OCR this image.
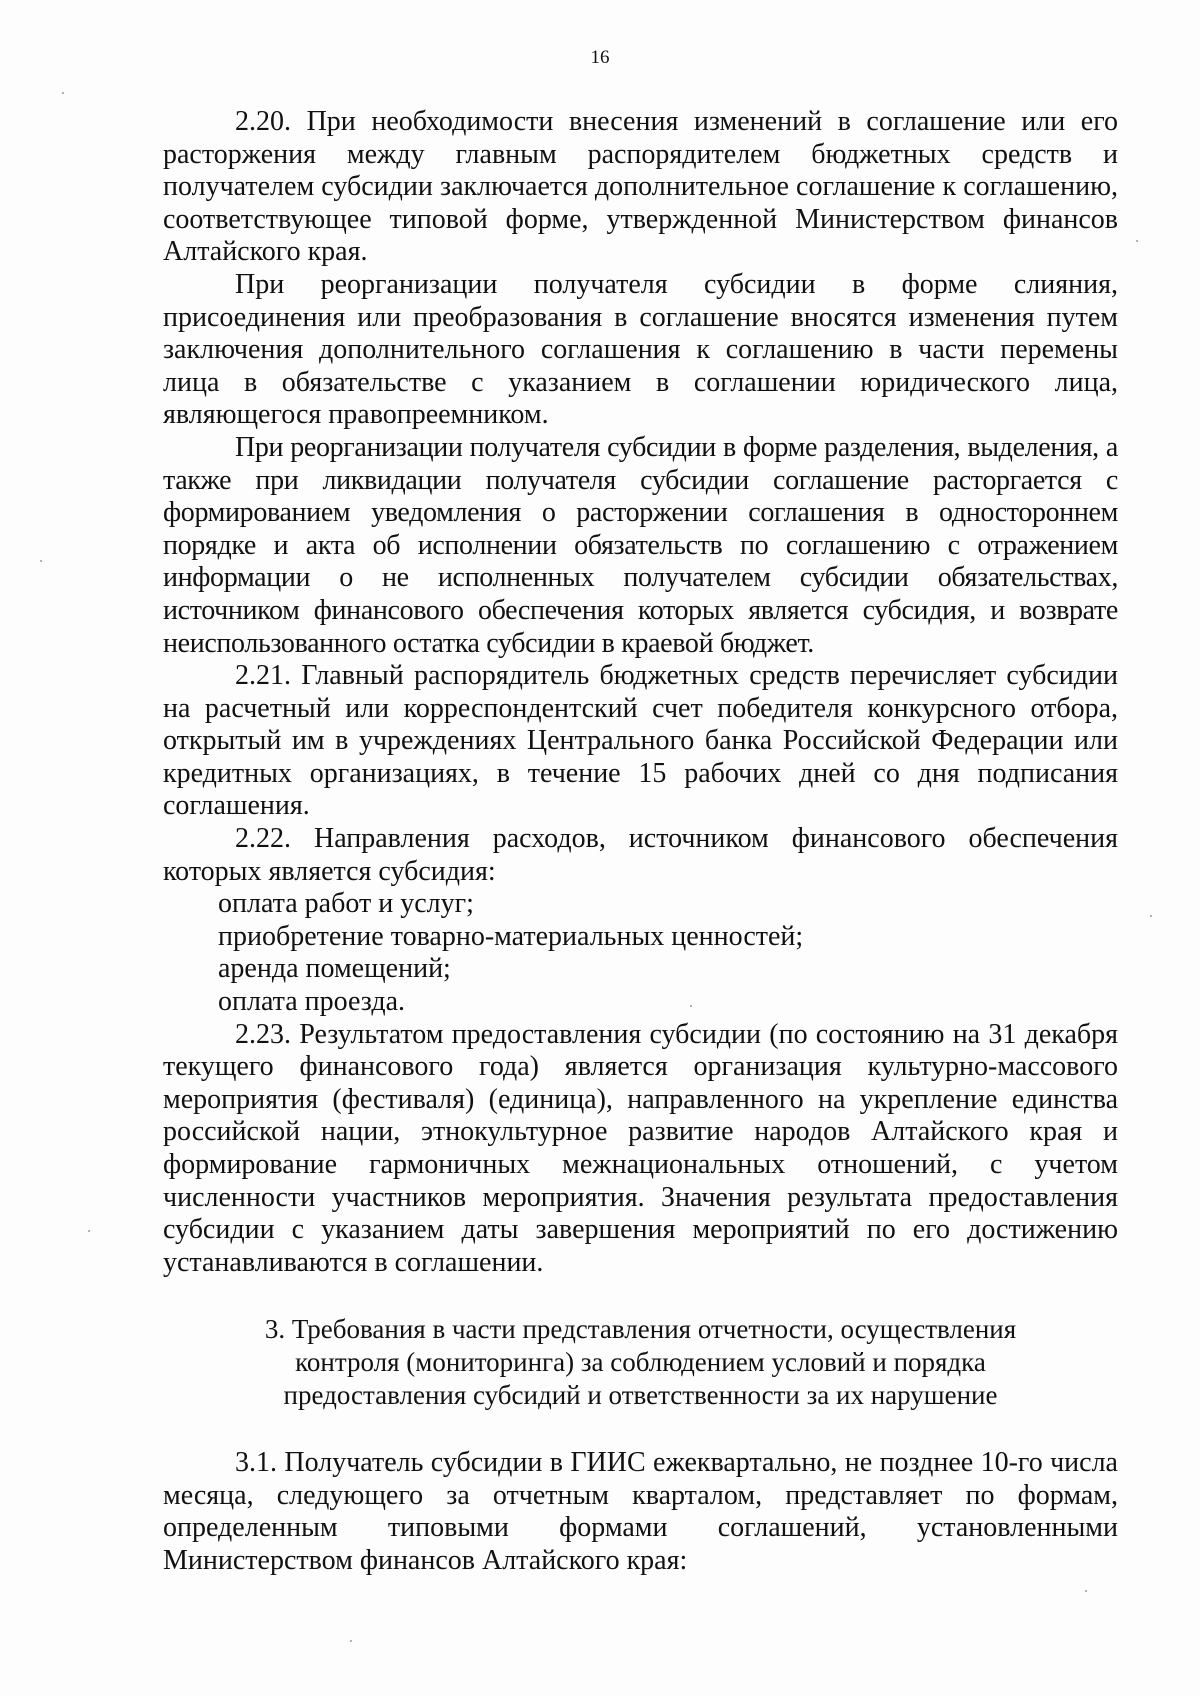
16

2.20. При необходимости внесения изменений в соглашение или его расторжения между главным распорядителем бюджетных средств и получателем субсидии заключается дополнительное соглашение к соглашению, соответствующее типовой форме, утвержденной Министерством финансов Алтайского края.

При реорганизации получателя субсидии в форме слияния, присоединения или преобразования в соглашение вносятся изменения путем заключения дополнительного соглашения к соглашению в части перемены лица в обязательстве с указанием в соглашении юридического лица, являющегося правопреемником.

При реорганизации получателя субсидии в форме разделения, выделения, а также при ликвидации получателя субсидии соглашение расторгается с формированием уведомления о расторжении соглашения в одностороннем порядке и акта об исполнении обязательств по соглашению с отражением информации о не исполненных получателем субсидии обязательствах, источником финансового обеспечения которых является субсидия, и возврате неиспользованного остатка субсидии в краевой бюджет.

2.21. Главный распорядитель бюджетных средств перечисляет субсидии на расчетный или корреспондентский счет победителя конкурсного отбора, открытый им в учреждениях Центрального банка Российской Федерации или кредитных организациях, в течение 15 рабочих дней со дня подписания соглашения.

2.22. Направления расходов, источником финансового обеспечения которых является субсидия:

оплата работ и услуг;

приобретение товарно-материальных ценностей;

аренда помещений;

оплата проезда.

2.23. Результатом предоставления субсидии (по состоянию на 31 декабря текущего финансового года) является организация культурно-массового мероприятия (фестиваля) (единица), направленного на укрепление единства российской нации, этнокультурное развитие народов Алтайского края и формирование гармоничных межнациональных отношений, с учетом численности участников мероприятия. Значения результата предоставления субсидии с указанием даты завершения мероприятий по его достижению устанавливаются в соглашении.

3. Требования в части представления отчетности, осуществления
контроля (мониторинга) за соблюдением условий и порядка
предоставления субсидий и ответственности за их нарушение

3.1. Получатель субсидии в ГИИС ежеквартально, не позднее 10-го числа месяца, следующего за отчетным кварталом, представляет по формам, определенным типовыми формами соглашений, установленными Министерством финансов Алтайского края:
